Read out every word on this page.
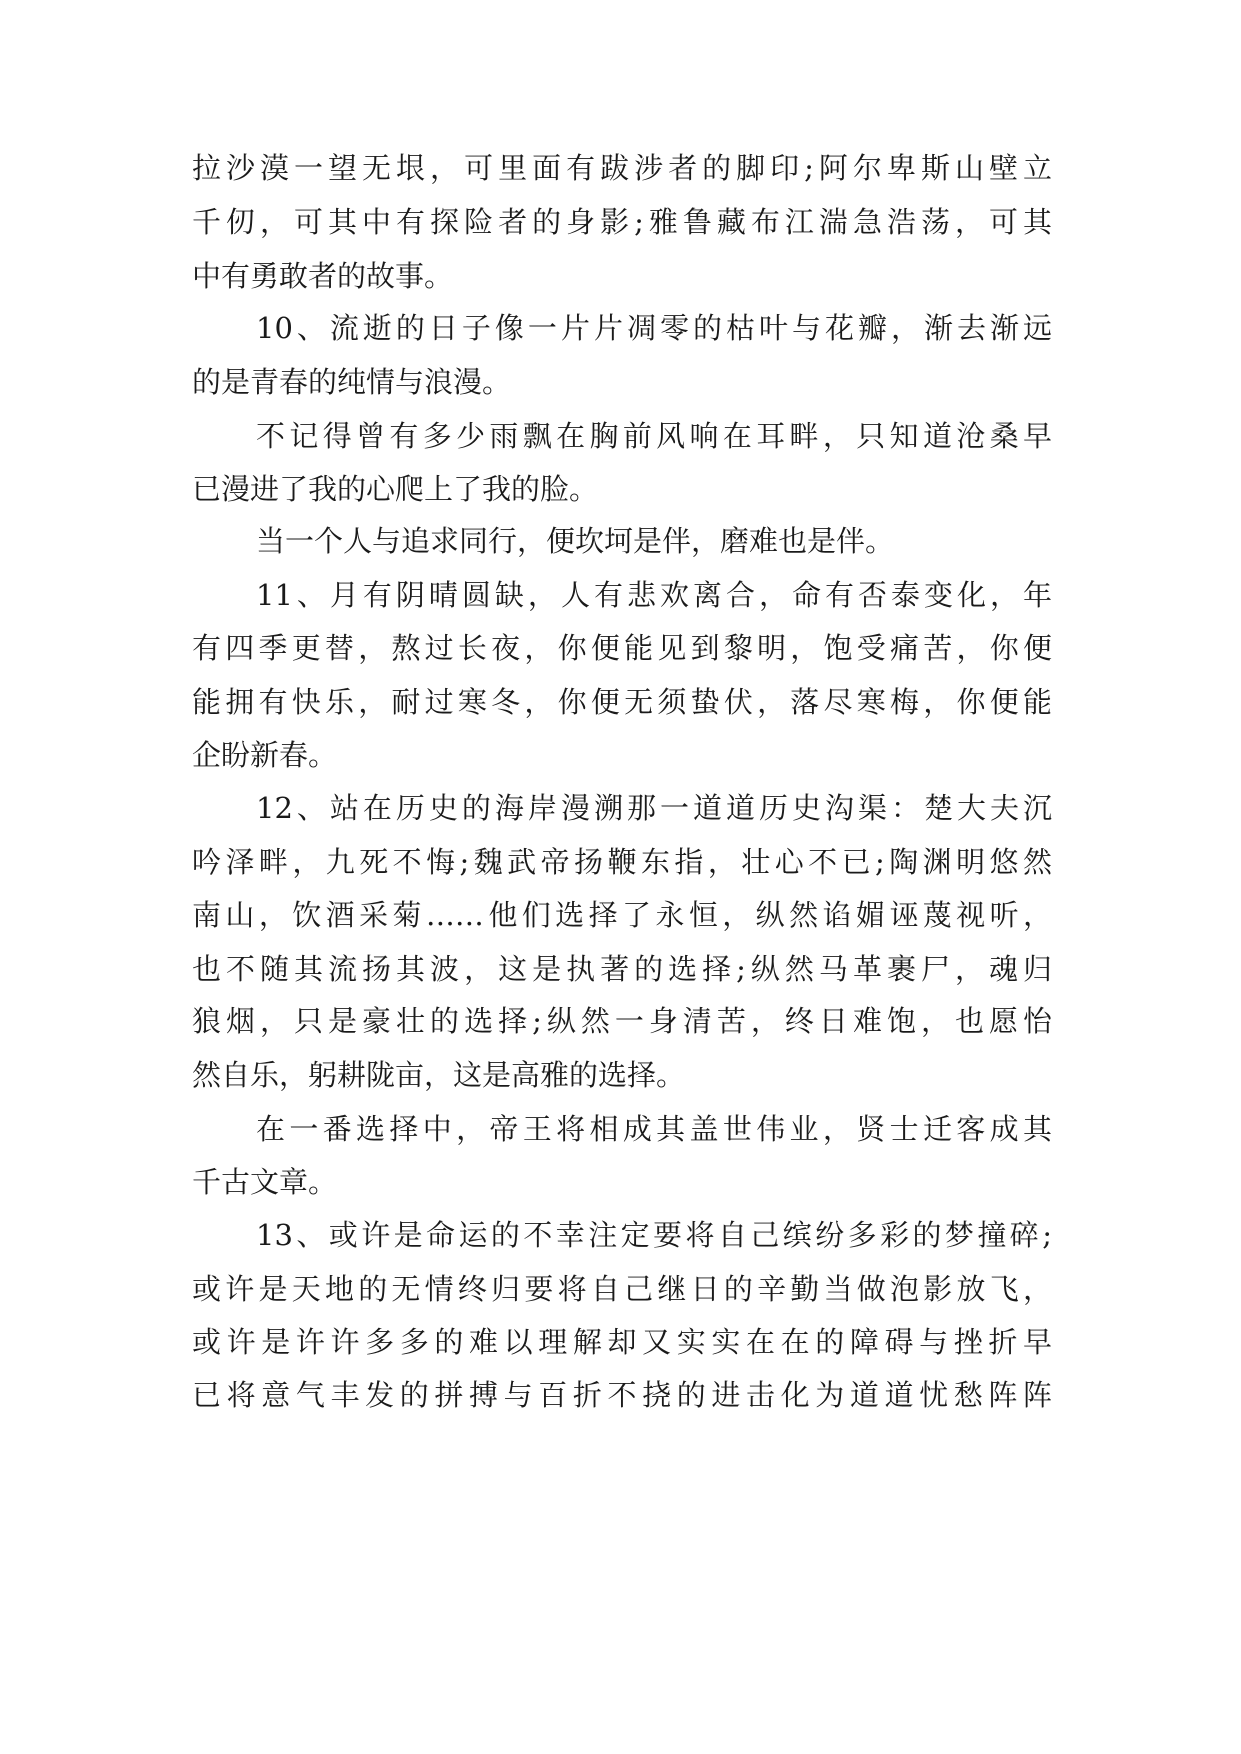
拉沙漠一望无垠，可里面有跋涉者的脚印;阿尔卑斯山壁立
千仞，可其中有探险者的身影;雅鲁藏布江湍急浩荡，可其
中有勇敢者的故事。
10、流逝的日子像一片片凋零的枯叶与花瓣，渐去渐远
的是青春的纯情与浪漫。
不记得曾有多少雨飘在胸前风响在耳畔，只知道沧桑早
已漫进了我的心爬上了我的脸。
当一个人与追求同行，便坎坷是伴，磨难也是伴。
11、月有阴晴圆缺，人有悲欢离合，命有否泰变化，年
有四季更替，熬过长夜，你便能见到黎明，饱受痛苦，你便
能拥有快乐，耐过寒冬，你便无须蛰伏，落尽寒梅，你便能
企盼新春。
12、站在历史的海岸漫溯那一道道历史沟渠：楚大夫沉
吟泽畔，九死不悔;魏武帝扬鞭东指，壮心不已;陶渊明悠然
南山，饮酒采菊……他们选择了永恒，纵然谄媚诬蔑视听，
也不随其流扬其波，这是执著的选择;纵然马革裹尸，魂归
狼烟，只是豪壮的选择;纵然一身清苦，终日难饱，也愿怡
然自乐，躬耕陇亩，这是高雅的选择。
在一番选择中，帝王将相成其盖世伟业，贤士迁客成其
千古文章。
13、或许是命运的不幸注定要将自己缤纷多彩的梦撞碎;
或许是天地的无情终归要将自己继日的辛勤当做泡影放飞，
或许是许许多多的难以理解却又实实在在的障碍与挫折早
已将意气丰发的拼搏与百折不挠的进击化为道道忧愁阵阵
